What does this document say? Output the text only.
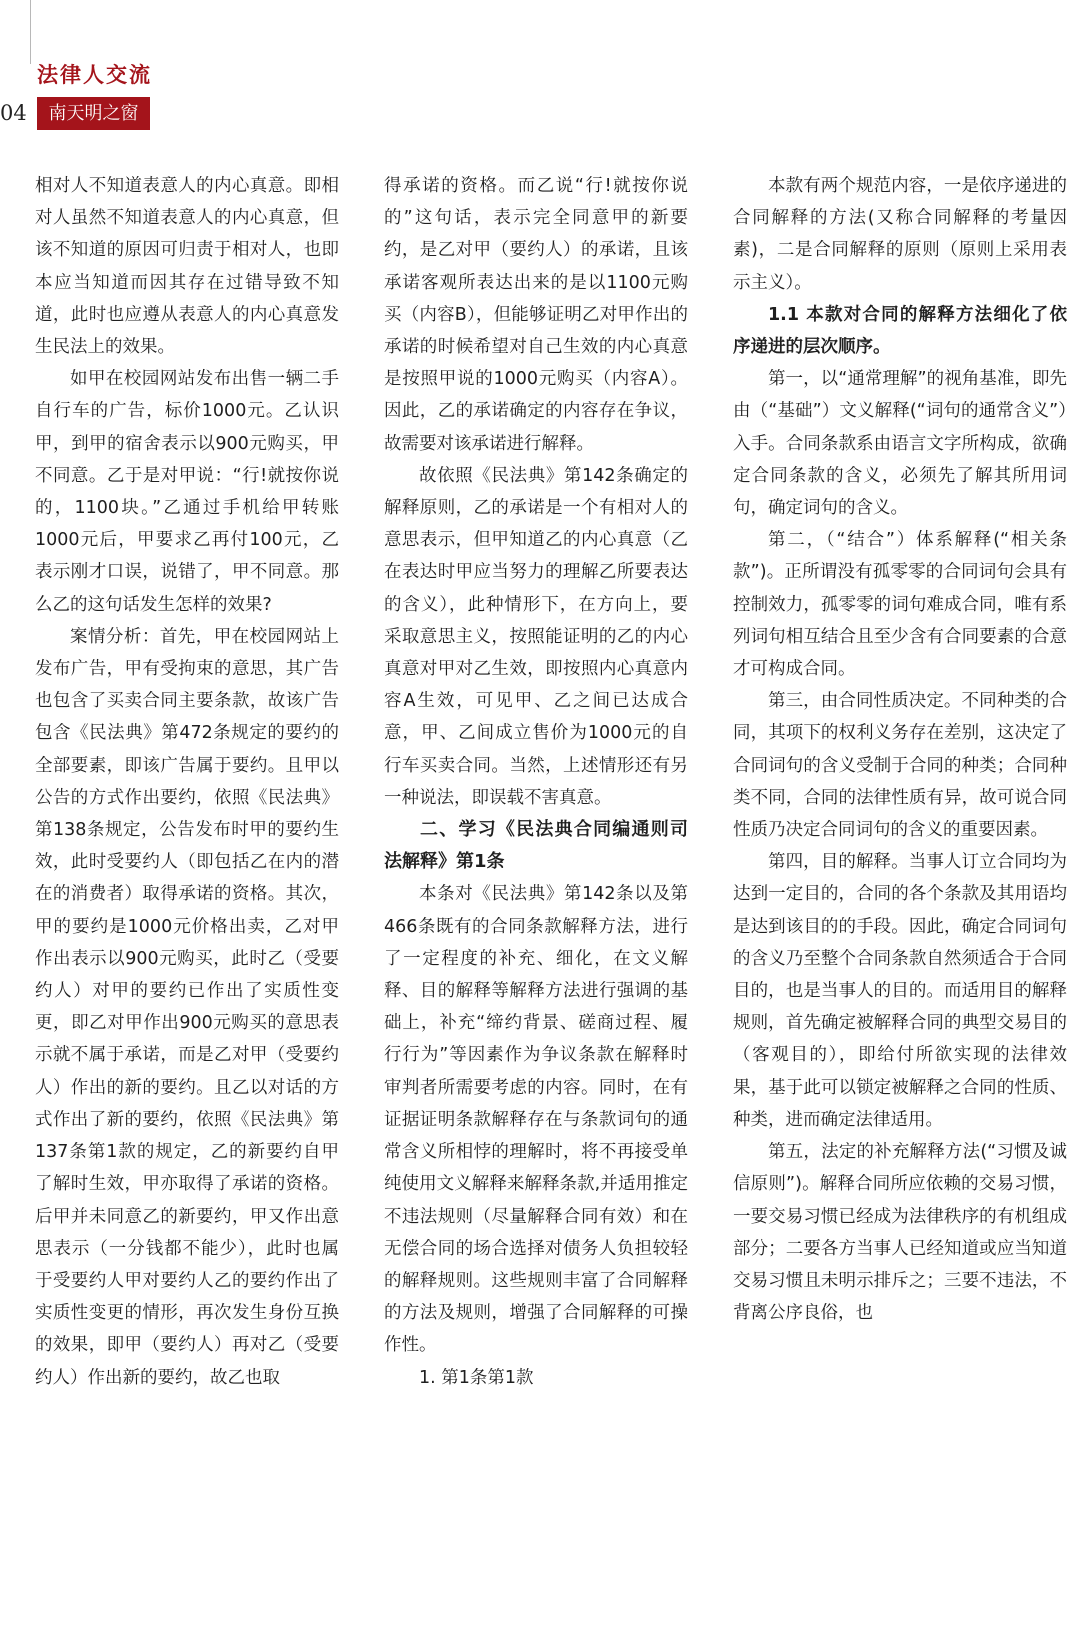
法律人交流
04	南天明之窗

相对人不知道表意人的内心真意。即相对人虽然不知道表意人的内心真意，但该不知道的原因可归责于相对人，也即本应当知道而因其存在过错导致不知道，此时也应遵从表意人的内心真意发生民法上的效果。

如甲在校园网站发布出售一辆二手自行车的广告，标价1000元。乙认识甲，到甲的宿舍表示以900元购买，甲不同意。乙于是对甲说：“行!就按你说的，1100块。”乙通过手机给甲转账1000元后，甲要求乙再付100元，乙表示刚才口误，说错了，甲不同意。那么乙的这句话发生怎样的效果?

案情分析：首先，甲在校园网站上发布广告，甲有受拘束的意思，其广告也包含了买卖合同主要条款，故该广告包含《民法典》第472条规定的要约的全部要素，即该广告属于要约。且甲以公告的方式作出要约，依照《民法典》第138条规定，公告发布时甲的要约生效，此时受要约人（即包括乙在内的潜在的消费者）取得承诺的资格。其次，甲的要约是1000元价格出卖，乙对甲作出表示以900元购买，此时乙（受要约人）对甲的要约已作出了实质性变更，即乙对甲作出900元购买的意思表示就不属于承诺，而是乙对甲（受要约人）作出的新的要约。且乙以对话的方式作出了新的要约，依照《民法典》第137条第1款的规定，乙的新要约自甲了解时生效，甲亦取得了承诺的资格。后甲并未同意乙的新要约，甲又作出意思表示（一分钱都不能少），此时也属于受要约人甲对要约人乙的要约作出了实质性变更的情形，再次发生身份互换的效果，即甲（要约人）再对乙（受要约人）作出新的要约，故乙也取

得承诺的资格。而乙说“行!就按你说的”这句话，表示完全同意甲的新要约，是乙对甲（要约人）的承诺，且该承诺客观所表达出来的是以1100元购买（内容B），但能够证明乙对甲作出的承诺的时候希望对自己生效的内心真意是按照甲说的1000元购买（内容A）。因此，乙的承诺确定的内容存在争议，故需要对该承诺进行解释。

故依照《民法典》第142条确定的解释原则，乙的承诺是一个有相对人的意思表示，但甲知道乙的内心真意（乙在表达时甲应当努力的理解乙所要表达的含义），此种情形下，在方向上，要采取意思主义，按照能证明的乙的内心真意对甲对乙生效，即按照内心真意内容A生效，可见甲、乙之间已达成合意，甲、乙间成立售价为1000元的自行车买卖合同。当然，上述情形还有另一种说法，即误载不害真意。

二、学习《民法典合同编通则司法解释》第1条

本条对《民法典》第142条以及第466条既有的合同条款解释方法，进行了一定程度的补充、细化，在文义解释、目的解释等解释方法进行强调的基础上，补充“缔约背景、磋商过程、履行行为”等因素作为争议条款在解释时审判者所需要考虑的内容。同时，在有证据证明条款解释存在与条款词句的通常含义所相悖的理解时，将不再接受单纯使用文义解释来解释条款,并适用推定不违法规则（尽量解释合同有效）和在无偿合同的场合选择对债务人负担较轻的解释规则。这些规则丰富了合同解释的方法及规则，增强了合同解释的可操作性。

1. 第1条第1款

本款有两个规范内容，一是依序递进的合同解释的方法(又称合同解释的考量因素)，二是合同解释的原则（原则上采用表示主义）。

1.1 本款对合同的解释方法细化了依序递进的层次顺序。

第一，以“通常理解”的视角基准，即先由（“基础”）文义解释(“词句的通常含义”）入手。合同条款系由语言文字所构成，欲确定合同条款的含义，必须先了解其所用词句，确定词句的含义。

第二，（“结合”）体系解释(“相关条款”)。正所谓没有孤零零的合同词句会具有控制效力，孤零零的词句难成合同，唯有系列词句相互结合且至少含有合同要素的合意才可构成合同。

第三，由合同性质决定。不同种类的合同，其项下的权利义务存在差别，这决定了合同词句的含义受制于合同的种类；合同种类不同，合同的法律性质有异，故可说合同性质乃决定合同词句的含义的重要因素。

第四，目的解释。当事人订立合同均为达到一定目的，合同的各个条款及其用语均是达到该目的的手段。因此，确定合同词句的含义乃至整个合同条款自然须适合于合同目的，也是当事人的目的。而适用目的解释规则，首先确定被解释合同的典型交易目的（客观目的），即给付所欲实现的法律效果，基于此可以锁定被解释之合同的性质、种类，进而确定法律适用。

第五，法定的补充解释方法(“习惯及诚信原则”)。解释合同所应依赖的交易习惯，一要交易习惯已经成为法律秩序的有机组成部分；二要各方当事人已经知道或应当知道交易习惯且未明示排斥之；三要不违法，不背离公序良俗，也
